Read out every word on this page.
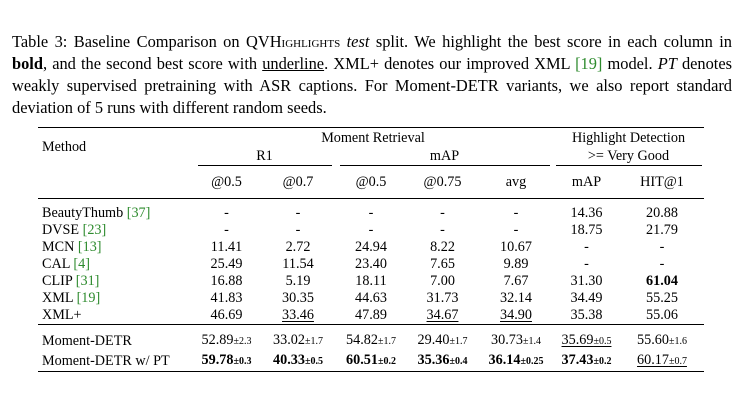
Table 3: Baseline Comparison on QVHighlights test split. We highlight the best score in each column in bold, and the second best score with underline. XML+ denotes our improved XML [19] model. PT denotes weakly supervised pretraining with ASR captions. For Moment-DETR variants, we also report standard deviation of 5 runs with different random seeds.
Method	Moment Retrieval					Highlight Detection	
	R1		mAP			>= Very Good	
	@0.5	@0.7	@0.5	@0.75	avg	mAP	HIT@1

BeautyThumb [37]	-	-	-	-	-	14.36	20.88
DVSE [23]	-	-	-	-	-	18.75	21.79
MCN [13]	11.41	2.72	24.94	8.22	10.67	-	-
CAL [4]	25.49	11.54	23.40	7.65	9.89	-	-
CLIP [31]	16.88	5.19	18.11	7.00	7.67	31.30	61.04
XML [19]	41.83	30.35	44.63	31.73	32.14	34.49	55.25
XML+	46.69	33.46	47.89	34.67	34.90	35.38	55.06

Moment-DETR	52.89±2.3	33.02±1.7	54.82±1.7	29.40±1.7	30.73±1.4	35.69±0.5	55.60±1.6
Moment-DETR w/ PT	59.78±0.3	40.33±0.5	60.51±0.2	35.36±0.4	36.14±0.25	37.43±0.2	60.17±0.7
